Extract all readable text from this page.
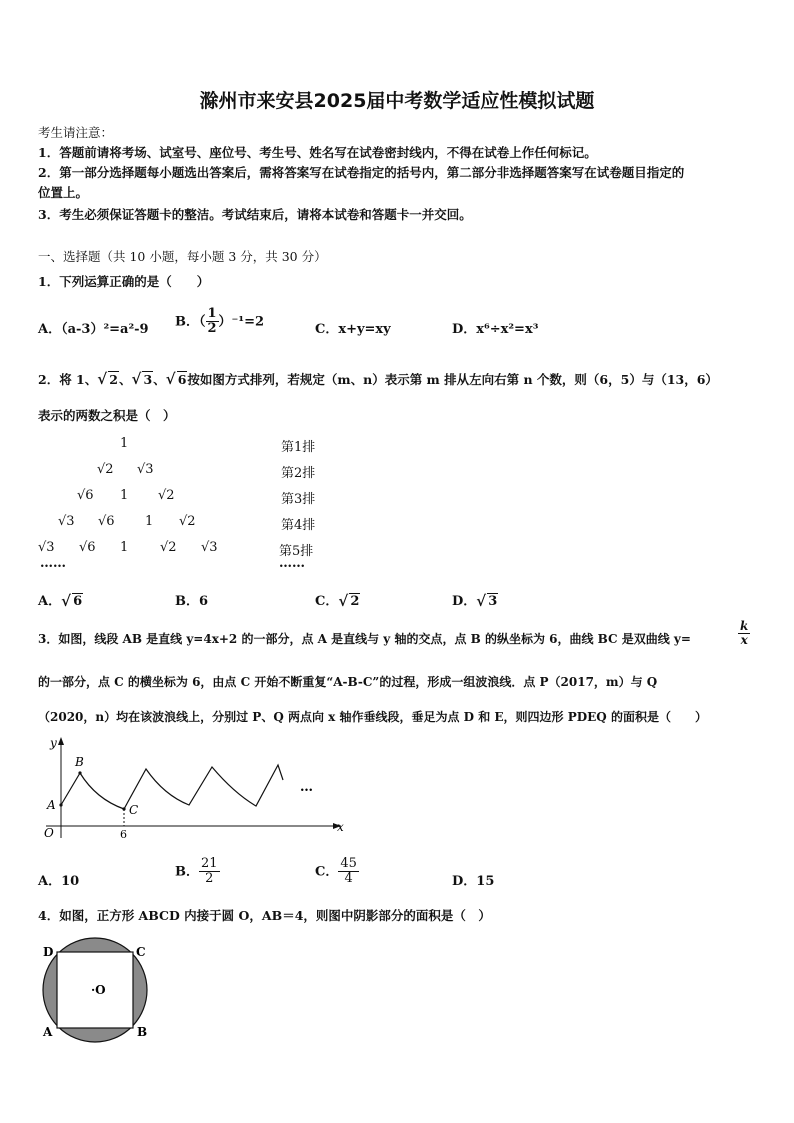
滁州市来安县2025届中考数学适应性模拟试题
考生请注意：
1．答题前请将考场、试室号、座位号、考生号、姓名写在试卷密封线内，不得在试卷上作任何标记。
2．第一部分选择题每小题选出答案后，需将答案写在试卷指定的括号内，第二部分非选择题答案写在试卷题目指定的
位置上。
3．考生必须保证答题卡的整洁。考试结束后，请将本试卷和答题卡一并交回。
一、选择题（共 10 小题，每小题 3 分，共 30 分）
1．下列运算正确的是（　　）
A．（a-3）²=a²-9
B．（ $\frac{1}{2} )^{-1}=2$
C．x+y=xy	D．x⁶÷x²=x³
2．将 1、 √ 2、 √ 3、 √ 6按如图方式排列，若规定（m、n）表示第 m 排从左向右第 n 个数，则（6，5）与（13，6）
表示的两数之积是（　）
1
√2 √3
√6 1 √2
√3 √6 1 √2
√3 √6 1 √2 √3
……
第1排
第2排
第3排
第4排
第5排
……
A． √ 6	B．6	C． √ 2	D． √ 3
3．如图，线段 AB 是直线 y=4x+2 的一部分，点 A 是直线与 y 轴的交点，点 B 的纵坐标为 6，曲线 BC 是双曲线 y=	$\frac{k}{x}$
的一部分，点 C 的横坐标为 6，由点 C 开始不断重复“A-B-C”的过程，形成一组波浪线．点 P（2017，m）与 Q
（2020，n）均在该波浪线上，分别过 P、Q 两点向 x 轴作垂线段，垂足为点 D 和 E，则四边形 PDEQ 的面积是（　　）
y
x
O
A
B
C
6
…
A．10
B． $\frac{21}{2}$	C． $\frac{45}{4}$	D．15
4．如图，正方形 ABCD 内接于圆 O，AB＝4，则图中阴影部分的面积是（　）
D	C
A	B
·O
